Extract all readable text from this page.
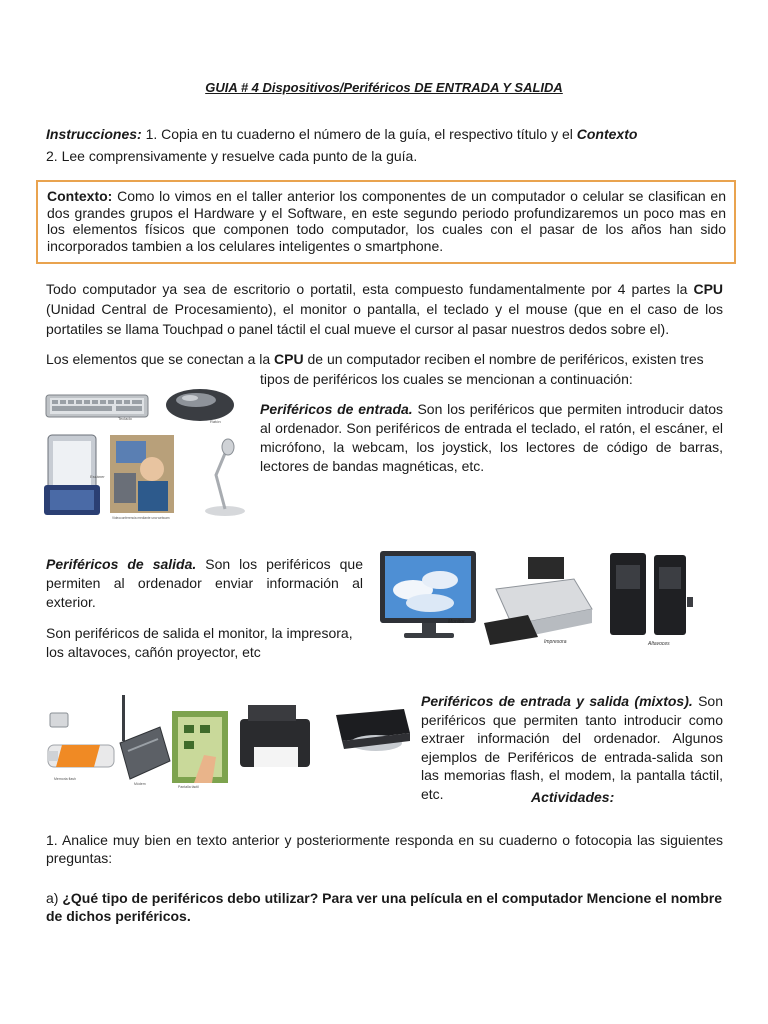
GUIA # 4 Dispositivos/Periféricos DE ENTRADA Y SALIDA
Instrucciones: 1. Copia en tu cuaderno el número de la guía, el respectivo título y el Contexto
2. Lee comprensivamente y resuelve cada punto de la guía.
Contexto: Como lo vimos en el taller anterior los componentes de un computador o celular se clasifican en dos grandes grupos el Hardware y el Software, en este segundo periodo profundizaremos un poco mas en los elementos físicos que componen todo computador, los cuales con el pasar de los años han sido incorporados tambien a los celulares inteligentes o smartphone.
Todo computador ya sea de escritorio o portatil, esta compuesto fundamentalmente por 4 partes la CPU (Unidad Central de Procesamiento), el monitor o pantalla, el teclado y el mouse (que en el caso de los portatiles se llama Touchpad o panel táctil el cual mueve el cursor al pasar nuestros dedos sobre el).
Los elementos que se conectan a la CPU de un computador reciben el nombre de periféricos, existen tres
tipos de periféricos los cuales se mencionan a continuación:
Teclado
Ratón
Escáner
Videoconferencia mediante una webcam
Periféricos de entrada. Son los periféricos que permiten introducir datos al ordenador. Son periféricos de entrada el teclado, el ratón, el escáner, el micrófono, la webcam, los joystick, los lectores de código de barras, lectores de bandas magnéticas, etc.
Periféricos de salida. Son los periféricos que permiten al ordenador enviar información al exterior.
Son periféricos de salida el monitor, la impresora, los altavoces, cañón proyector, etc
Monitor
Impresora	Altavoces
Memoria flash
Módem
Pantalla táctil
Periféricos de entrada y salida (mixtos). Son periféricos que permiten tanto introducir como extraer información del ordenador. Algunos ejemplos de Periféricos de entrada-salida son las memorias flash, el modem, la pantalla táctil, etc.	Actividades:
1. Analice muy bien en texto anterior y posteriormente responda en su cuaderno o fotocopia las siguientes preguntas:
a) ¿Qué tipo de periféricos debo utilizar? Para ver una película en el computador Mencione el nombre de dichos periféricos.
